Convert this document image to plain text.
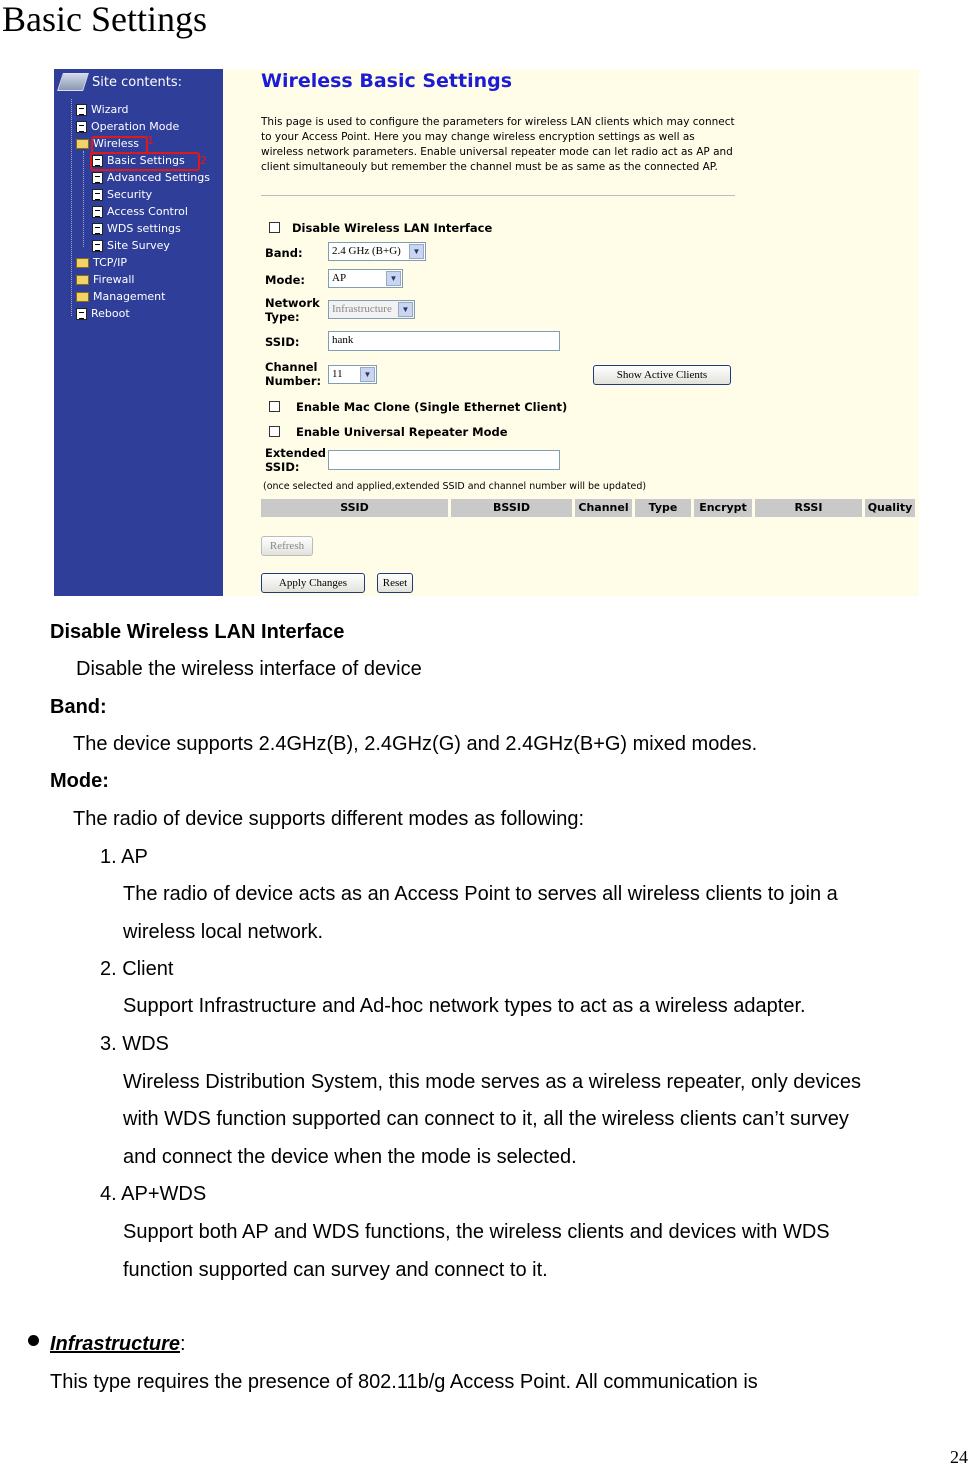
Basic Settings
Site contents:
Wizard
Operation Mode
Wireless
Basic Settings
Advanced Settings
Security
Access Control
WDS settings
Site Survey
TCP/IP
Firewall
Management
Reboot
1
2
Wireless Basic Settings
This page is used to configure the parameters for wireless LAN clients which may connect to your Access Point. Here you may change wireless encryption settings as well as wireless network parameters. Enable universal repeater mode can let radio act as AP and client simultaneouly but remember the channel must be as same as the connected AP.
Disable Wireless LAN Interface
Band:	2.4 GHz (B+G)	▼
Mode:	AP	▼
Network
Type:
Infrastructure	▼
SSID:	hank
Channel
Number: 11	▼	Show Active Clients
Enable Mac Clone (Single Ethernet Client)
Enable Universal Repeater Mode
Extended
SSID:
(once selected and applied,extended SSID and channel number will be updated)
SSID	BSSID	Channel	Type	Encrypt	RSSI	Quality
Refresh
Apply Changes	Reset
Disable Wireless LAN Interface
Disable the wireless interface of device
Band:
The device supports 2.4GHz(B), 2.4GHz(G) and 2.4GHz(B+G) mixed modes.
Mode:
The radio of device supports different modes as following:
1. AP
The radio of device acts as an Access Point to serves all wireless clients to join a
wireless local network.
2. Client
Support Infrastructure and Ad-hoc network types to act as a wireless adapter.
3. WDS
Wireless Distribution System, this mode serves as a wireless repeater, only devices
with WDS function supported can connect to it, all the wireless clients can’t survey
and connect the device when the mode is selected.
4. AP+WDS
Support both AP and WDS functions, the wireless clients and devices with WDS
function supported can survey and connect to it.
Infrastructure:
This type requires the presence of 802.11b/g Access Point. All communication is
24
